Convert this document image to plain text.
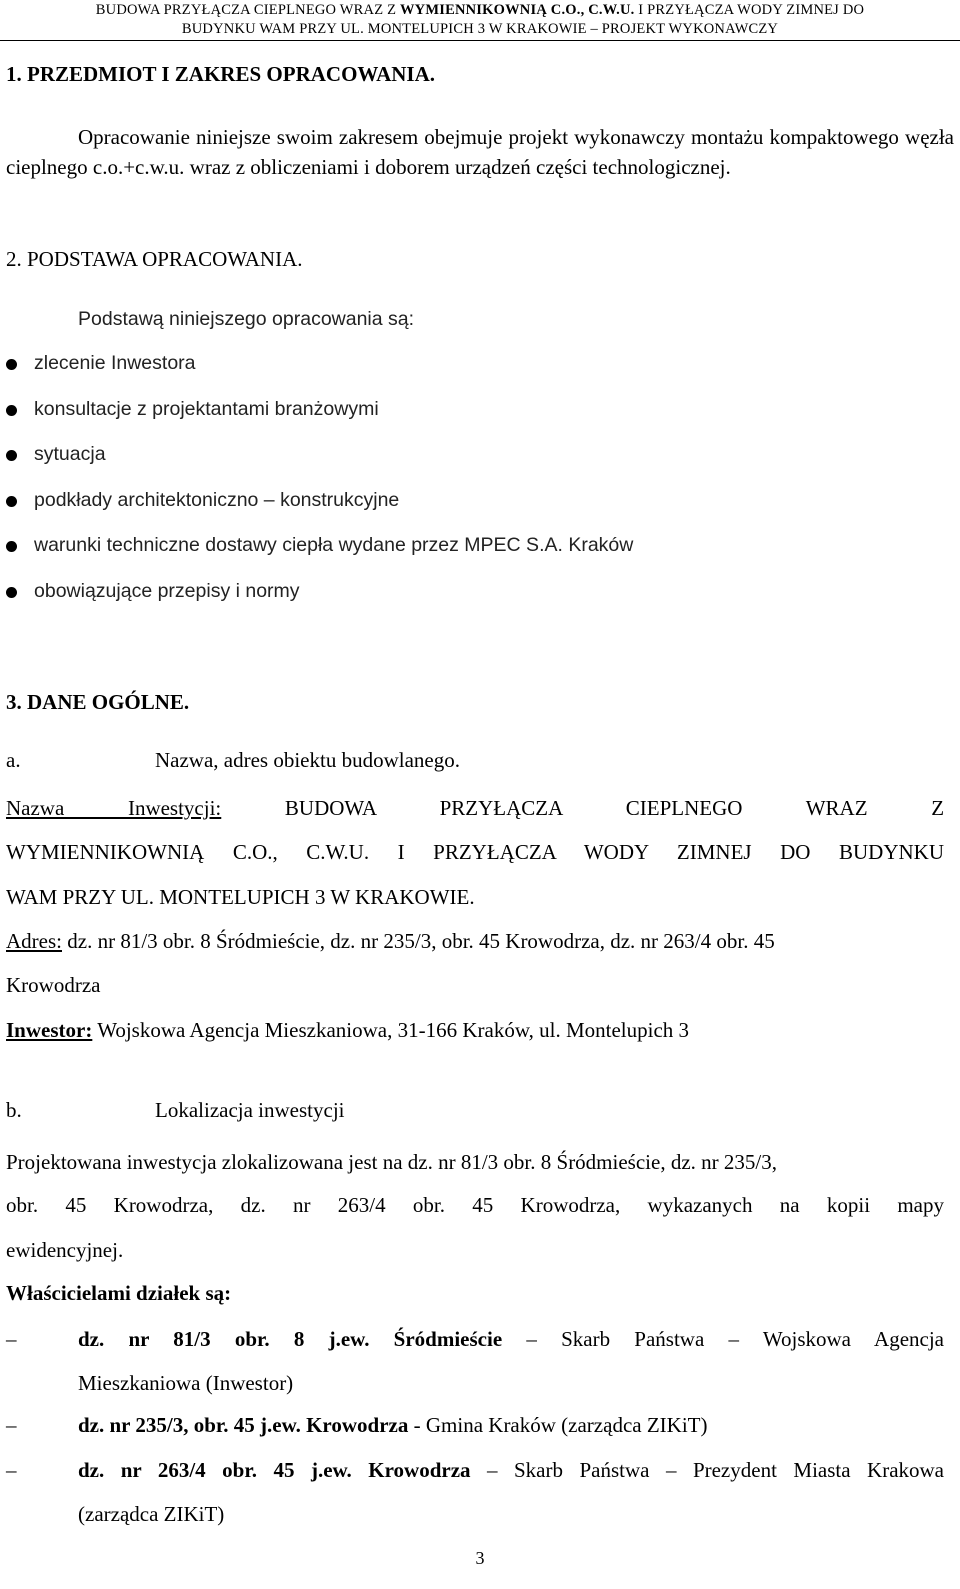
BUDOWA PRZYŁĄCZA CIEPLNEGO WRAZ Z WYMIENNIKOWNIĄ C.O., C.W.U. I PRZYŁĄCZA WODY ZIMNEJ DO
BUDYNKU WAM PRZY UL. MONTELUPICH 3 W KRAKOWIE – PROJEKT WYKONAWCZY
1. PRZEDMIOT I ZAKRES OPRACOWANIA.
Opracowanie niniejsze swoim zakresem obejmuje projekt wykonawczy montażu kompaktowego węzła cieplnego c.o.+c.w.u. wraz z obliczeniami i doborem urządzeń części technologicznej.
2. PODSTAWA OPRACOWANIA.
Podstawą niniejszego opracowania są:
zlecenie Inwestora
konsultacje z projektantami branżowymi
sytuacja
podkłady architektoniczno – konstrukcyjne
warunki techniczne dostawy ciepła wydane przez MPEC S.A. Kraków
obowiązujące przepisy i normy
3. DANE OGÓLNE.
a.	Nazwa, adres obiektu budowlanego.
Nazwa Inwestycji:	BUDOWA	PRZYŁĄCZA	CIEPLNEGO	WRAZ	Z
WYMIENNIKOWNIĄ C.O., C.W.U. I PRZYŁĄCZA WODY ZIMNEJ DO BUDYNKU
WAM PRZY UL. MONTELUPICH 3 W KRAKOWIE.
Adres: dz. nr 81/3 obr. 8 Śródmieście, dz. nr 235/3, obr. 45 Krowodrza, dz. nr 263/4 obr. 45
Krowodrza
Inwestor: Wojskowa Agencja Mieszkaniowa, 31-166 Kraków, ul. Montelupich 3
b.	Lokalizacja inwestycji
Projektowana inwestycja zlokalizowana jest na dz. nr 81/3 obr. 8 Śródmieście, dz. nr 235/3,
obr. 45 Krowodrza, dz. nr 263/4 obr. 45 Krowodrza, wykazanych na kopii mapy
ewidencyjnej.
Właścicielami działek są:
–	dz. nr 81/3 obr. 8 j.ew. Śródmieście – Skarb Państwa – Wojskowa Agencja
Mieszkaniowa (Inwestor)
–	dz. nr 235/3, obr. 45 j.ew. Krowodrza - Gmina Kraków (zarządca ZIKiT)
–	dz. nr 263/4 obr. 45 j.ew. Krowodrza – Skarb Państwa – Prezydent Miasta Krakowa
(zarządca ZIKiT)
3
